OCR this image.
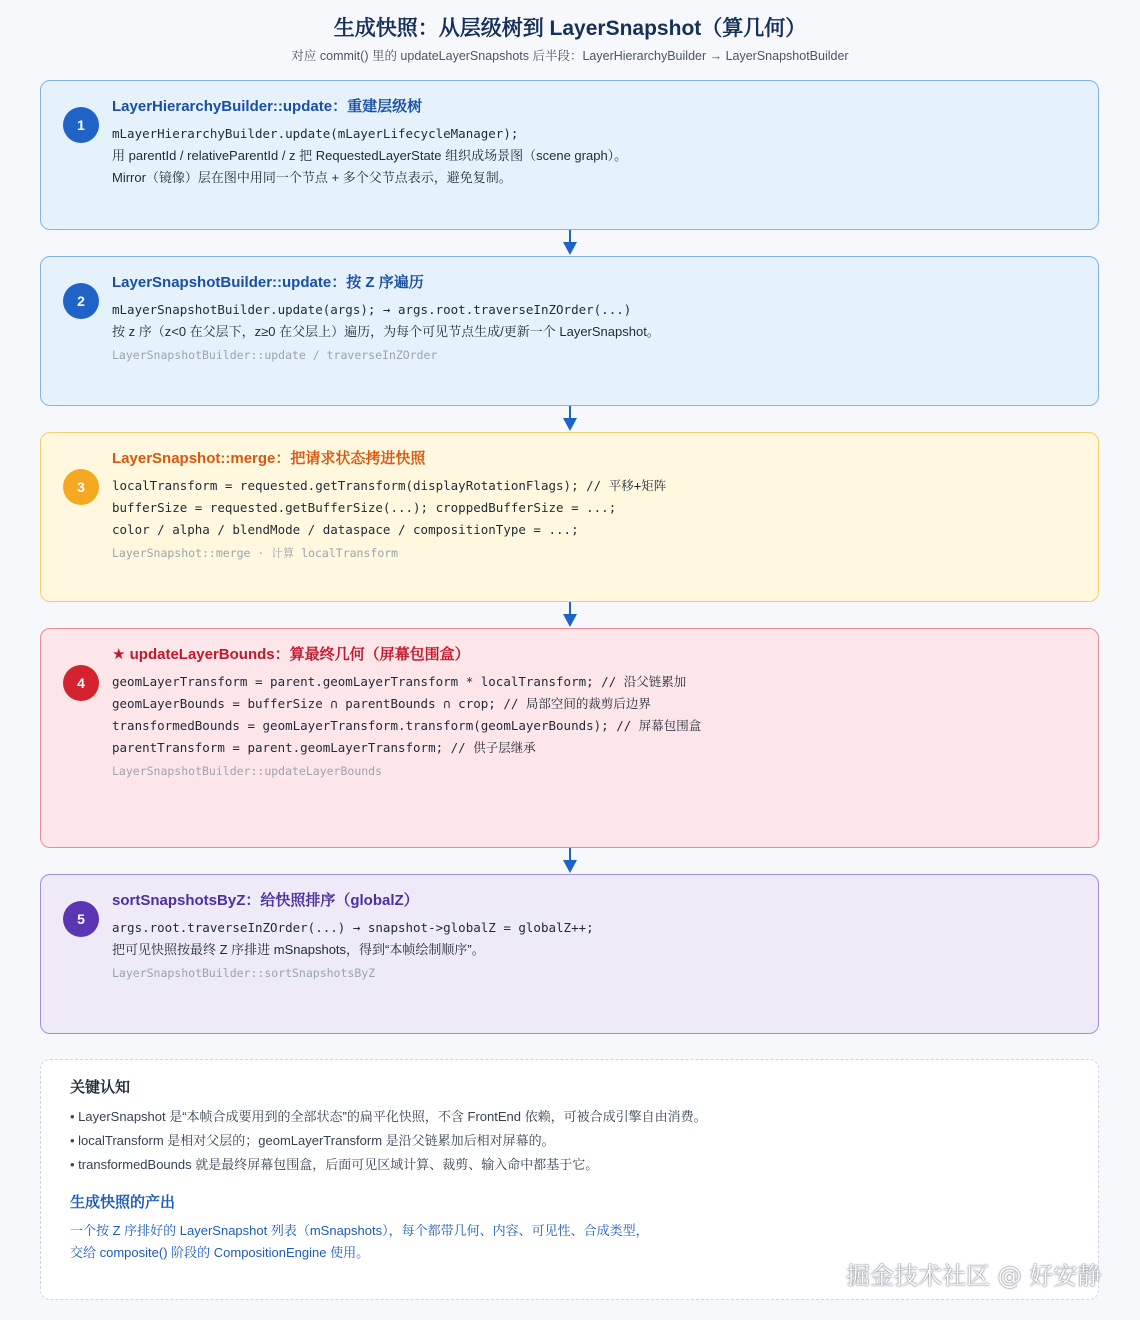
生成快照：从层级树到 LayerSnapshot（算几何）
对应 commit() 里的 updateLayerSnapshots 后半段：LayerHierarchyBuilder → LayerSnapshotBuilder
1
LayerHierarchyBuilder::update：重建层级树
mLayerHierarchyBuilder.update(mLayerLifecycleManager);
用 parentId / relativeParentId / z 把 RequestedLayerState 组织成场景图（scene graph）。
Mirror（镜像）层在图中用同一个节点 + 多个父节点表示，避免复制。
2
LayerSnapshotBuilder::update：按 Z 序遍历
mLayerSnapshotBuilder.update(args); → args.root.traverseInZOrder(...)
按 z 序（z<0 在父层下，z≥0 在父层上）遍历，为每个可见节点生成/更新一个 LayerSnapshot。
LayerSnapshotBuilder::update / traverseInZOrder
3
LayerSnapshot::merge：把请求状态拷进快照
localTransform = requested.getTransform(displayRotationFlags); // 平移+矩阵
bufferSize = requested.getBufferSize(...); croppedBufferSize = ...;
color / alpha / blendMode / dataspace / compositionType = ...;
LayerSnapshot::merge · 计算 localTransform
4
★ updateLayerBounds：算最终几何（屏幕包围盒）
geomLayerTransform = parent.geomLayerTransform * localTransform; // 沿父链累加
geomLayerBounds = bufferSize ∩ parentBounds ∩ crop; // 局部空间的裁剪后边界
transformedBounds = geomLayerTransform.transform(geomLayerBounds); // 屏幕包围盒
parentTransform = parent.geomLayerTransform; // 供子层继承
LayerSnapshotBuilder::updateLayerBounds
5
sortSnapshotsByZ：给快照排序（globalZ）
args.root.traverseInZOrder(...) → snapshot->globalZ = globalZ++;
把可见快照按最终 Z 序排进 mSnapshots，得到“本帧绘制顺序”。
LayerSnapshotBuilder::sortSnapshotsByZ
关键认知
• LayerSnapshot 是“本帧合成要用到的全部状态”的扁平化快照，不含 FrontEnd 依赖，可被合成引擎自由消费。
• localTransform 是相对父层的；geomLayerTransform 是沿父链累加后相对屏幕的。
• transformedBounds 就是最终屏幕包围盒，后面可见区域计算、裁剪、输入命中都基于它。
生成快照的产出
一个按 Z 序排好的 LayerSnapshot 列表（mSnapshots），每个都带几何、内容、可见性、合成类型，
交给 composite() 阶段的 CompositionEngine 使用。
掘金技术社区 @ 好安静
